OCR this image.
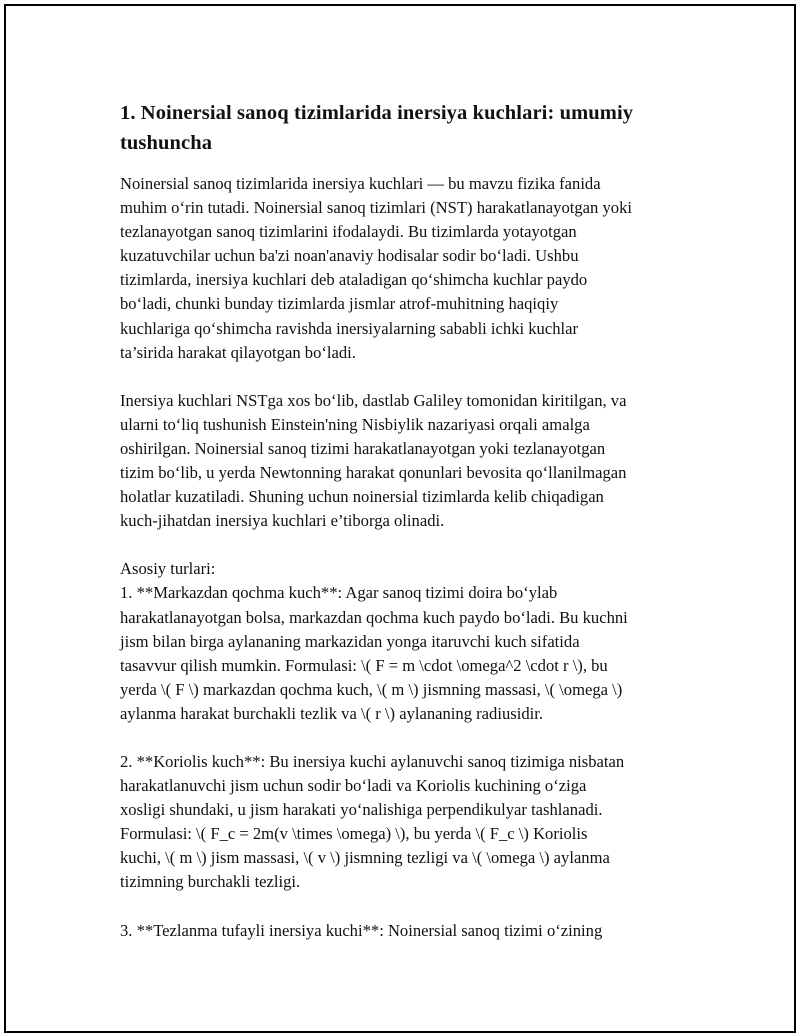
1. Noinersial sanoq tizimlarida inersiya kuchlari: umumiy
tushuncha

Noinersial sanoq tizimlarida inersiya kuchlari — bu mavzu fizika fanida
muhim o‘rin tutadi. Noinersial sanoq tizimlari (NST) harakatlanayotgan yoki
tezlanayotgan sanoq tizimlarini ifodalaydi. Bu tizimlarda yotayotgan
kuzatuvchilar uchun ba'zi noan'anaviy hodisalar sodir bo‘ladi. Ushbu
tizimlarda, inersiya kuchlari deb ataladigan qo‘shimcha kuchlar paydo
bo‘ladi, chunki bunday tizimlarda jismlar atrof-muhitning haqiqiy
kuchlariga qo‘shimcha ravishda inersiyalarning sababli ichki kuchlar
ta’sirida harakat qilayotgan bo‘ladi.

Inersiya kuchlari NSTga xos bo‘lib, dastlab Galiley tomonidan kiritilgan, va
ularni to‘liq tushunish Einstein'ning Nisbiylik nazariyasi orqali amalga
oshirilgan. Noinersial sanoq tizimi harakatlanayotgan yoki tezlanayotgan
tizim bo‘lib, u yerda Newtonning harakat qonunlari bevosita qo‘llanilmagan
holatlar kuzatiladi. Shuning uchun noinersial tizimlarda kelib chiqadigan
kuch-jihatdan inersiya kuchlari e’tiborga olinadi.

Asosiy turlari:
1. **Markazdan qochma kuch**: Agar sanoq tizimi doira bo‘ylab
harakatlanayotgan bolsa, markazdan qochma kuch paydo bo‘ladi. Bu kuchni
jism bilan birga aylananing markazidan yonga itaruvchi kuch sifatida
tasavvur qilish mumkin. Formulasi: \( F = m \cdot \omega^2 \cdot r \), bu
yerda \( F \) markazdan qochma kuch, \( m \) jismning massasi, \( \omega \)
aylanma harakat burchakli tezlik va \( r \) aylananing radiusidir.

2. **Koriolis kuch**: Bu inersiya kuchi aylanuvchi sanoq tizimiga nisbatan
harakatlanuvchi jism uchun sodir bo‘ladi va Koriolis kuchining o‘ziga
xosligi shundaki, u jism harakati yo‘nalishiga perpendikulyar tashlanadi.
Formulasi: \( F_c = 2m(v \times \omega) \), bu yerda \( F_c \) Koriolis
kuchi, \( m \) jism massasi, \( v \) jismning tezligi va \( \omega \) aylanma
tizimning burchakli tezligi.

3. **Tezlanma tufayli inersiya kuchi**: Noinersial sanoq tizimi o‘zining
